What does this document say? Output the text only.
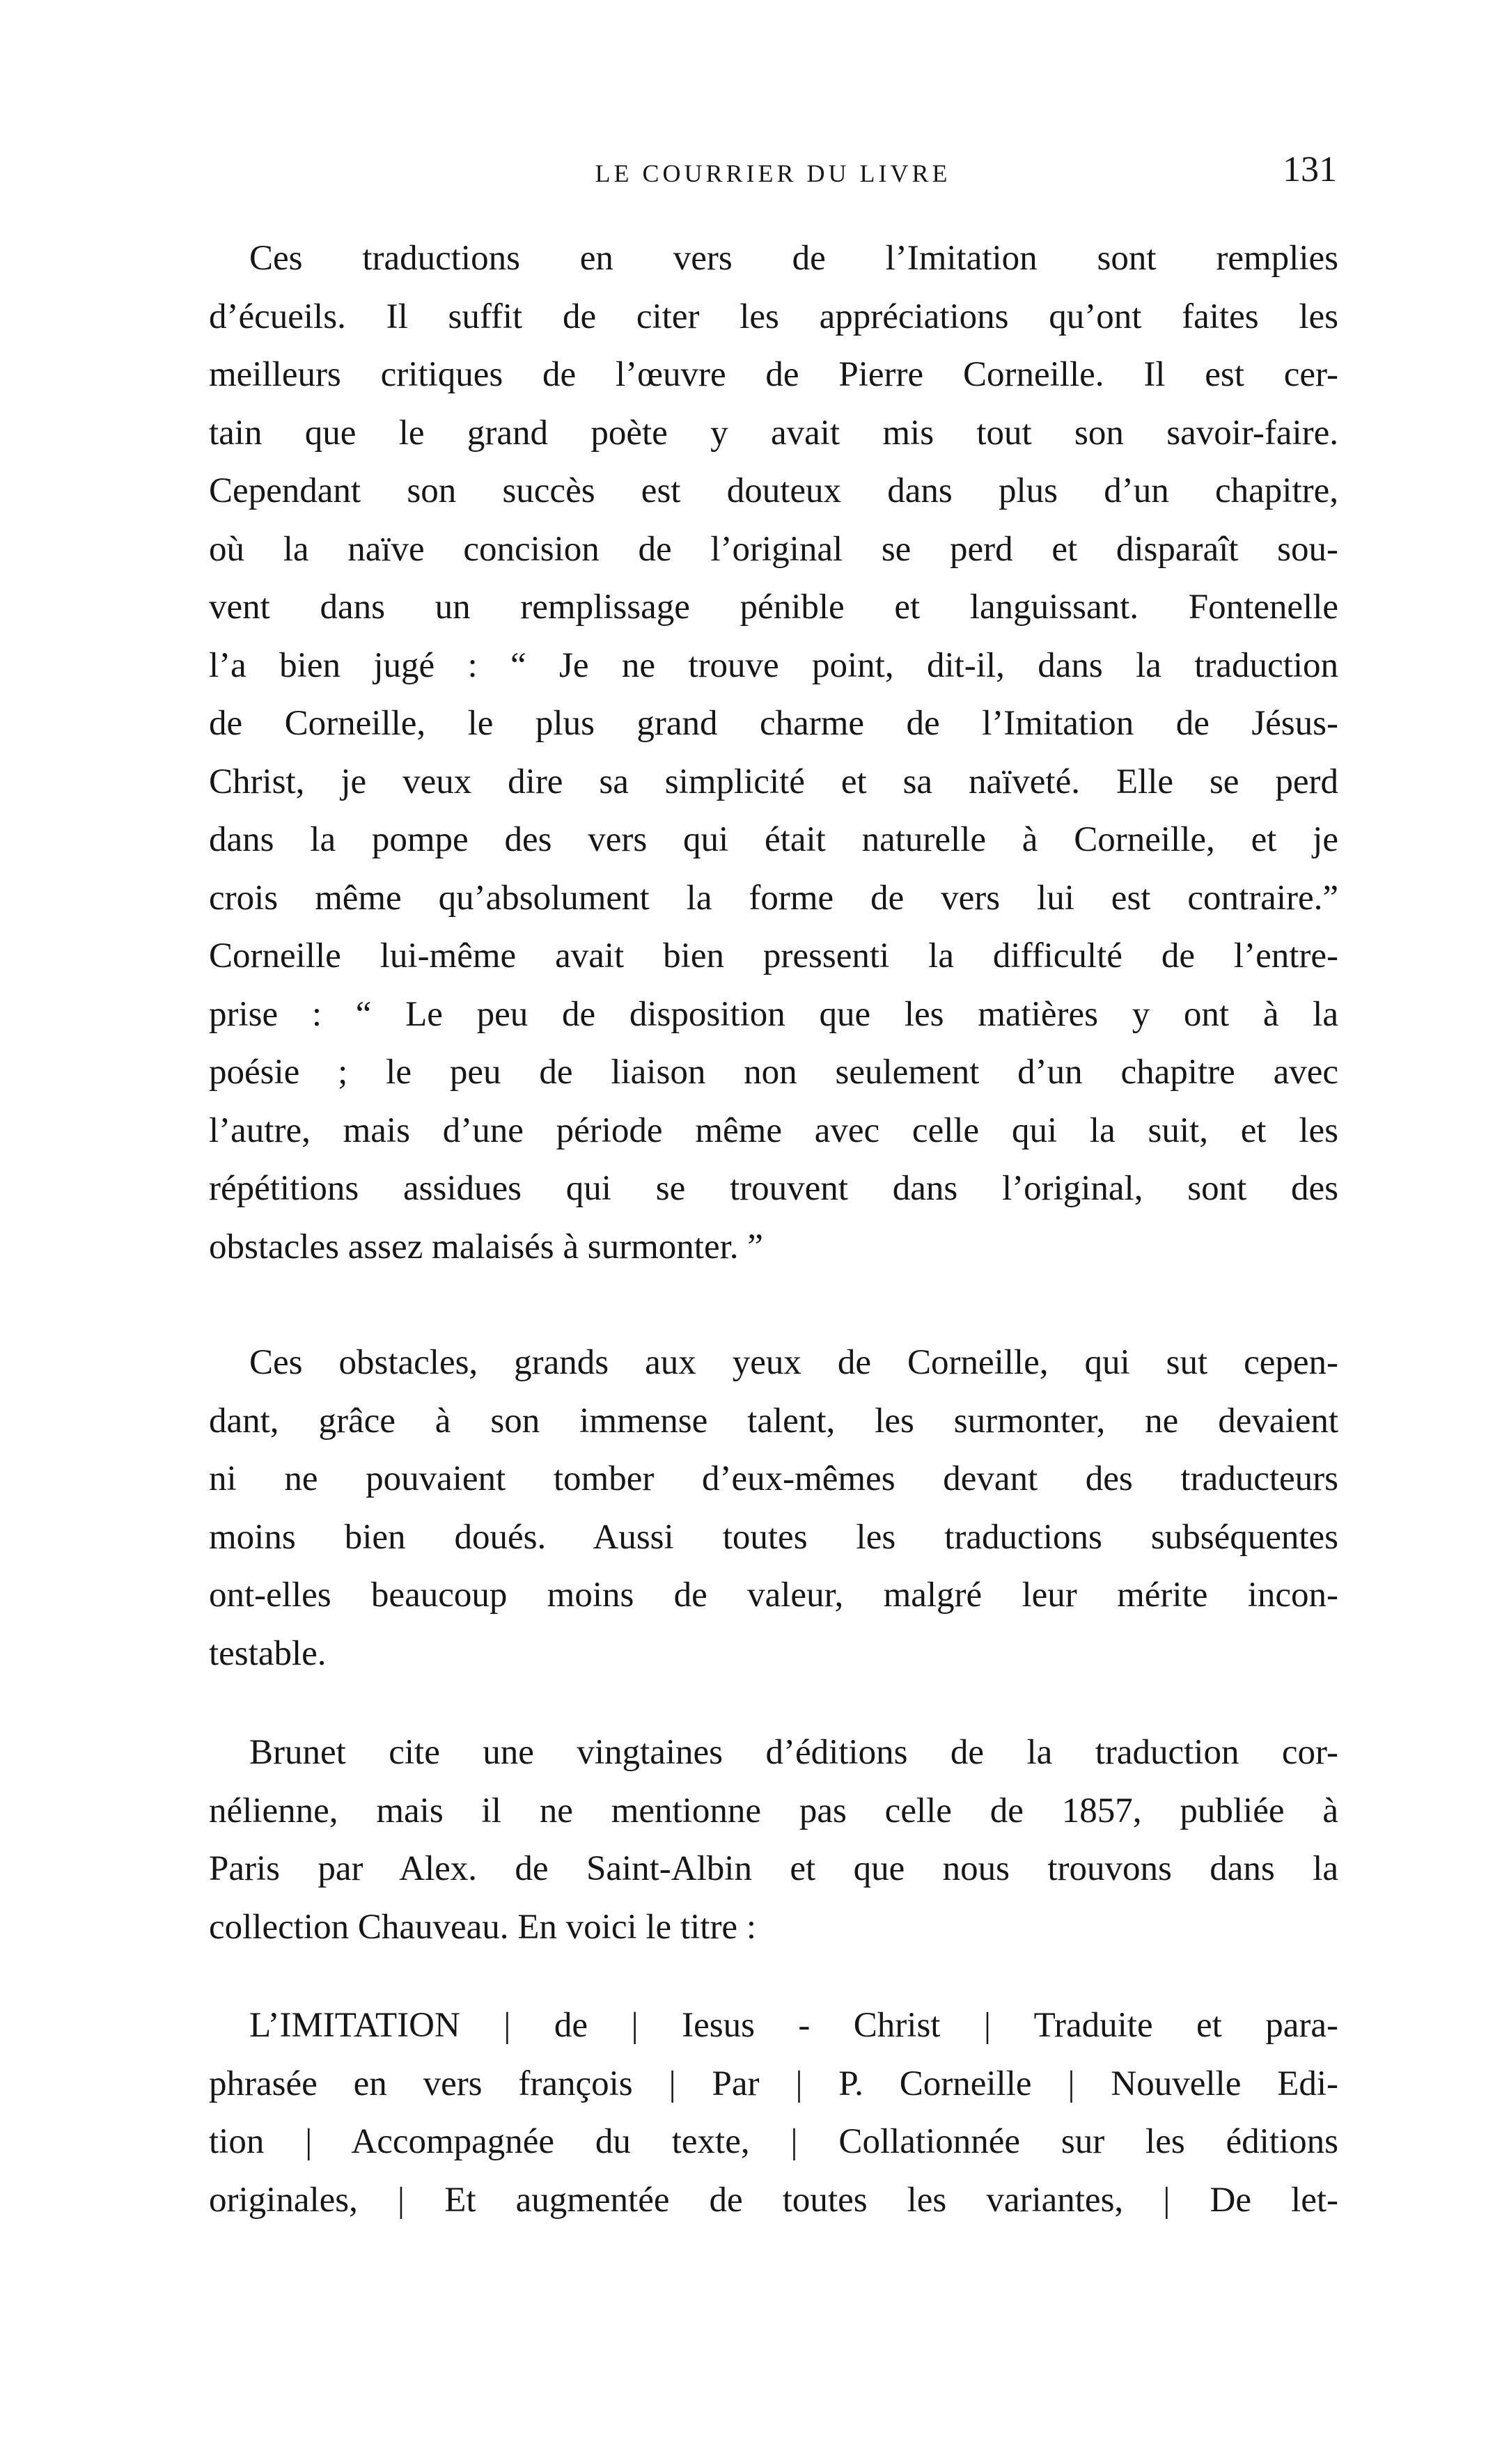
LE COURRIER DU LIVRE	131
Ces traductions en vers de l’Imitation sont remplies
d’écueils. Il suffit de citer les appréciations qu’ont faites les
meilleurs critiques de l’œuvre de Pierre Corneille. Il est cer-
tain que le grand poète y avait mis tout son savoir-faire.
Cependant son succès est douteux dans plus d’un chapitre,
où la naïve concision de l’original se perd et disparaît sou-
vent dans un remplissage pénible et languissant. Fontenelle
l’a bien jugé : “ Je ne trouve point, dit-il, dans la traduction
de Corneille, le plus grand charme de l’Imitation de Jésus-
Christ, je veux dire sa simplicité et sa naïveté. Elle se perd
dans la pompe des vers qui était naturelle à Corneille, et je
crois même qu’absolument la forme de vers lui est contraire.”
Corneille lui-même avait bien pressenti la difficulté de l’entre-
prise : “ Le peu de disposition que les matières y ont à la
poésie ; le peu de liaison non seulement d’un chapitre avec
l’autre, mais d’une période même avec celle qui la suit, et les
répétitions assidues qui se trouvent dans l’original, sont des
obstacles assez malaisés à surmonter. ”
Ces obstacles, grands aux yeux de Corneille, qui sut cepen-
dant, grâce à son immense talent, les surmonter, ne devaient
ni ne pouvaient tomber d’eux-mêmes devant des traducteurs
moins bien doués. Aussi toutes les traductions subséquentes
ont-elles beaucoup moins de valeur, malgré leur mérite incon-
testable.
Brunet cite une vingtaines d’éditions de la traduction cor-
nélienne, mais il ne mentionne pas celle de 1857, publiée à
Paris par Alex. de Saint-Albin et que nous trouvons dans la
collection Chauveau. En voici le titre :
L’IMITATION | de | Iesus - Christ | Traduite et para-
phrasée en vers françois | Par | P. Corneille | Nouvelle Edi-
tion | Accompagnée du texte, | Collationnée sur les éditions
originales, | Et augmentée de toutes les variantes, | De let-
